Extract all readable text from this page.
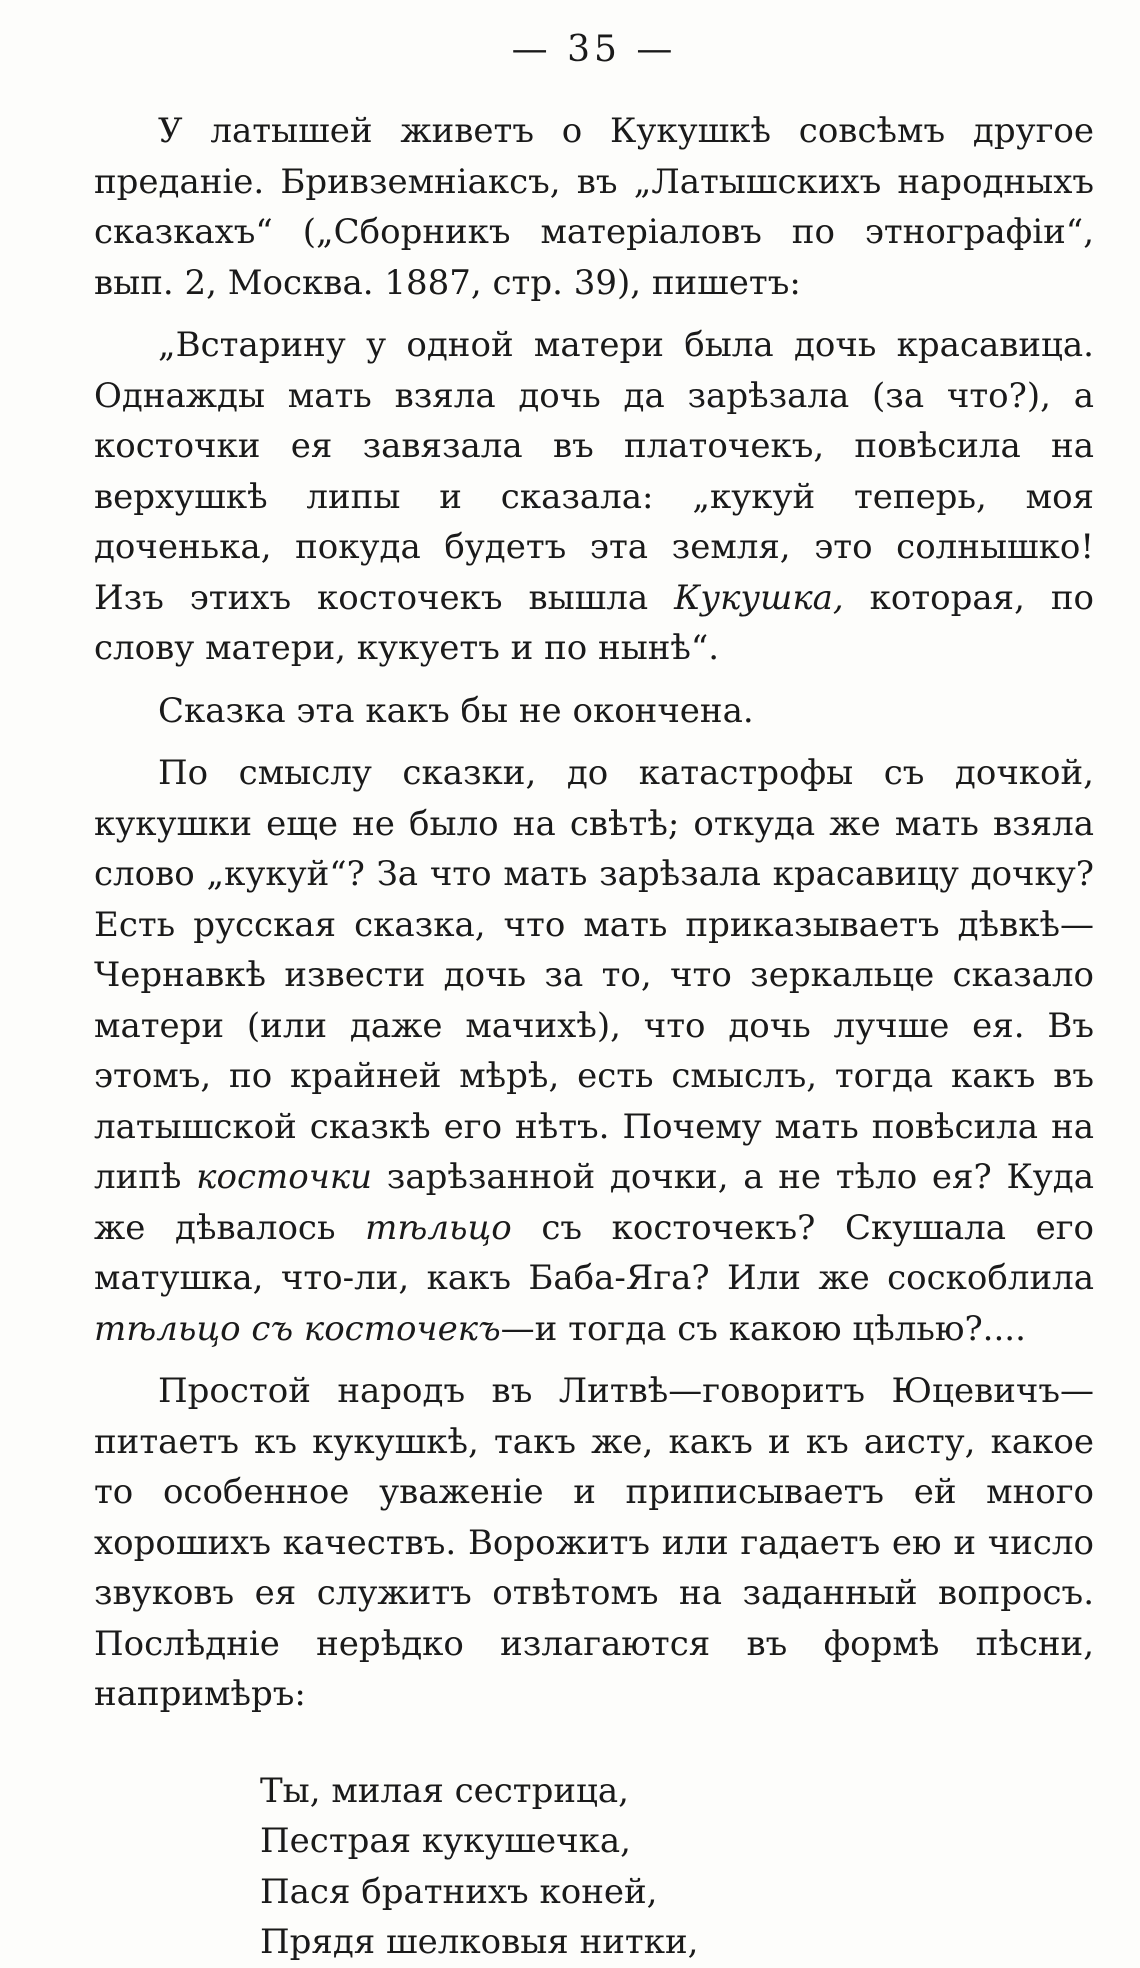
— 35 —

У латышей живетъ о Кукушкѣ совсѣмъ другое преданіе. Бривземніаксъ, въ „Латышскихъ народныхъ сказкахъ“ („Сборникъ матеріаловъ по этнографіи“, вып. 2, Москва. 1887, стр. 39), пишетъ:

„Встарину у одной матери была дочь красавица. Однажды мать взяла дочь да зарѣзала (за что?), а косточки ея завязала въ платочекъ, повѣсила на верхушкѣ липы и сказала: „кукуй теперь, моя доченька, покуда будетъ эта земля, это солнышко! Изъ этихъ косточекъ вышла Кукушка, которая, по слову матери, кукуетъ и по нынѣ“.

Сказка эта какъ бы не окончена.

По смыслу сказки, до катастрофы съ дочкой, кукушки еще не было на свѣтѣ; откуда же мать взяла слово „кукуй“? За что мать зарѣзала красавицу дочку? Есть русская сказка, что мать приказываетъ дѣвкѣ—Чернавкѣ извести дочь за то, что зеркальце сказало матери (или даже мачихѣ), что дочь лучше ея. Въ этомъ, по крайней мѣрѣ, есть смыслъ, тогда какъ въ латышской сказкѣ его нѣтъ. Почему мать повѣсила на липѣ косточки зарѣзанной дочки, а не тѣло ея? Куда же дѣвалось тѣльцо съ косточекъ? Скушала его матушка, что-ли, какъ Баба-Яга? Или же соскоблила тѣльцо съ косточекъ—и тогда съ какою цѣлью?....

Простой народъ въ Литвѣ—говоритъ Юцевичъ—питаетъ къ кукушкѣ, такъ же, какъ и къ аисту, какое то особенное уваженіе и приписываетъ ей много хорошихъ качествъ. Ворожитъ или гадаетъ ею и число звуковъ ея служитъ отвѣтомъ на заданный вопросъ. Послѣдніе нерѣдко излагаются въ формѣ пѣсни, напримѣръ:

Ты, милая сестрица,
Пестрая кукушечка,
Пася братнихъ коней,
Прядя шелковыя нитки,
